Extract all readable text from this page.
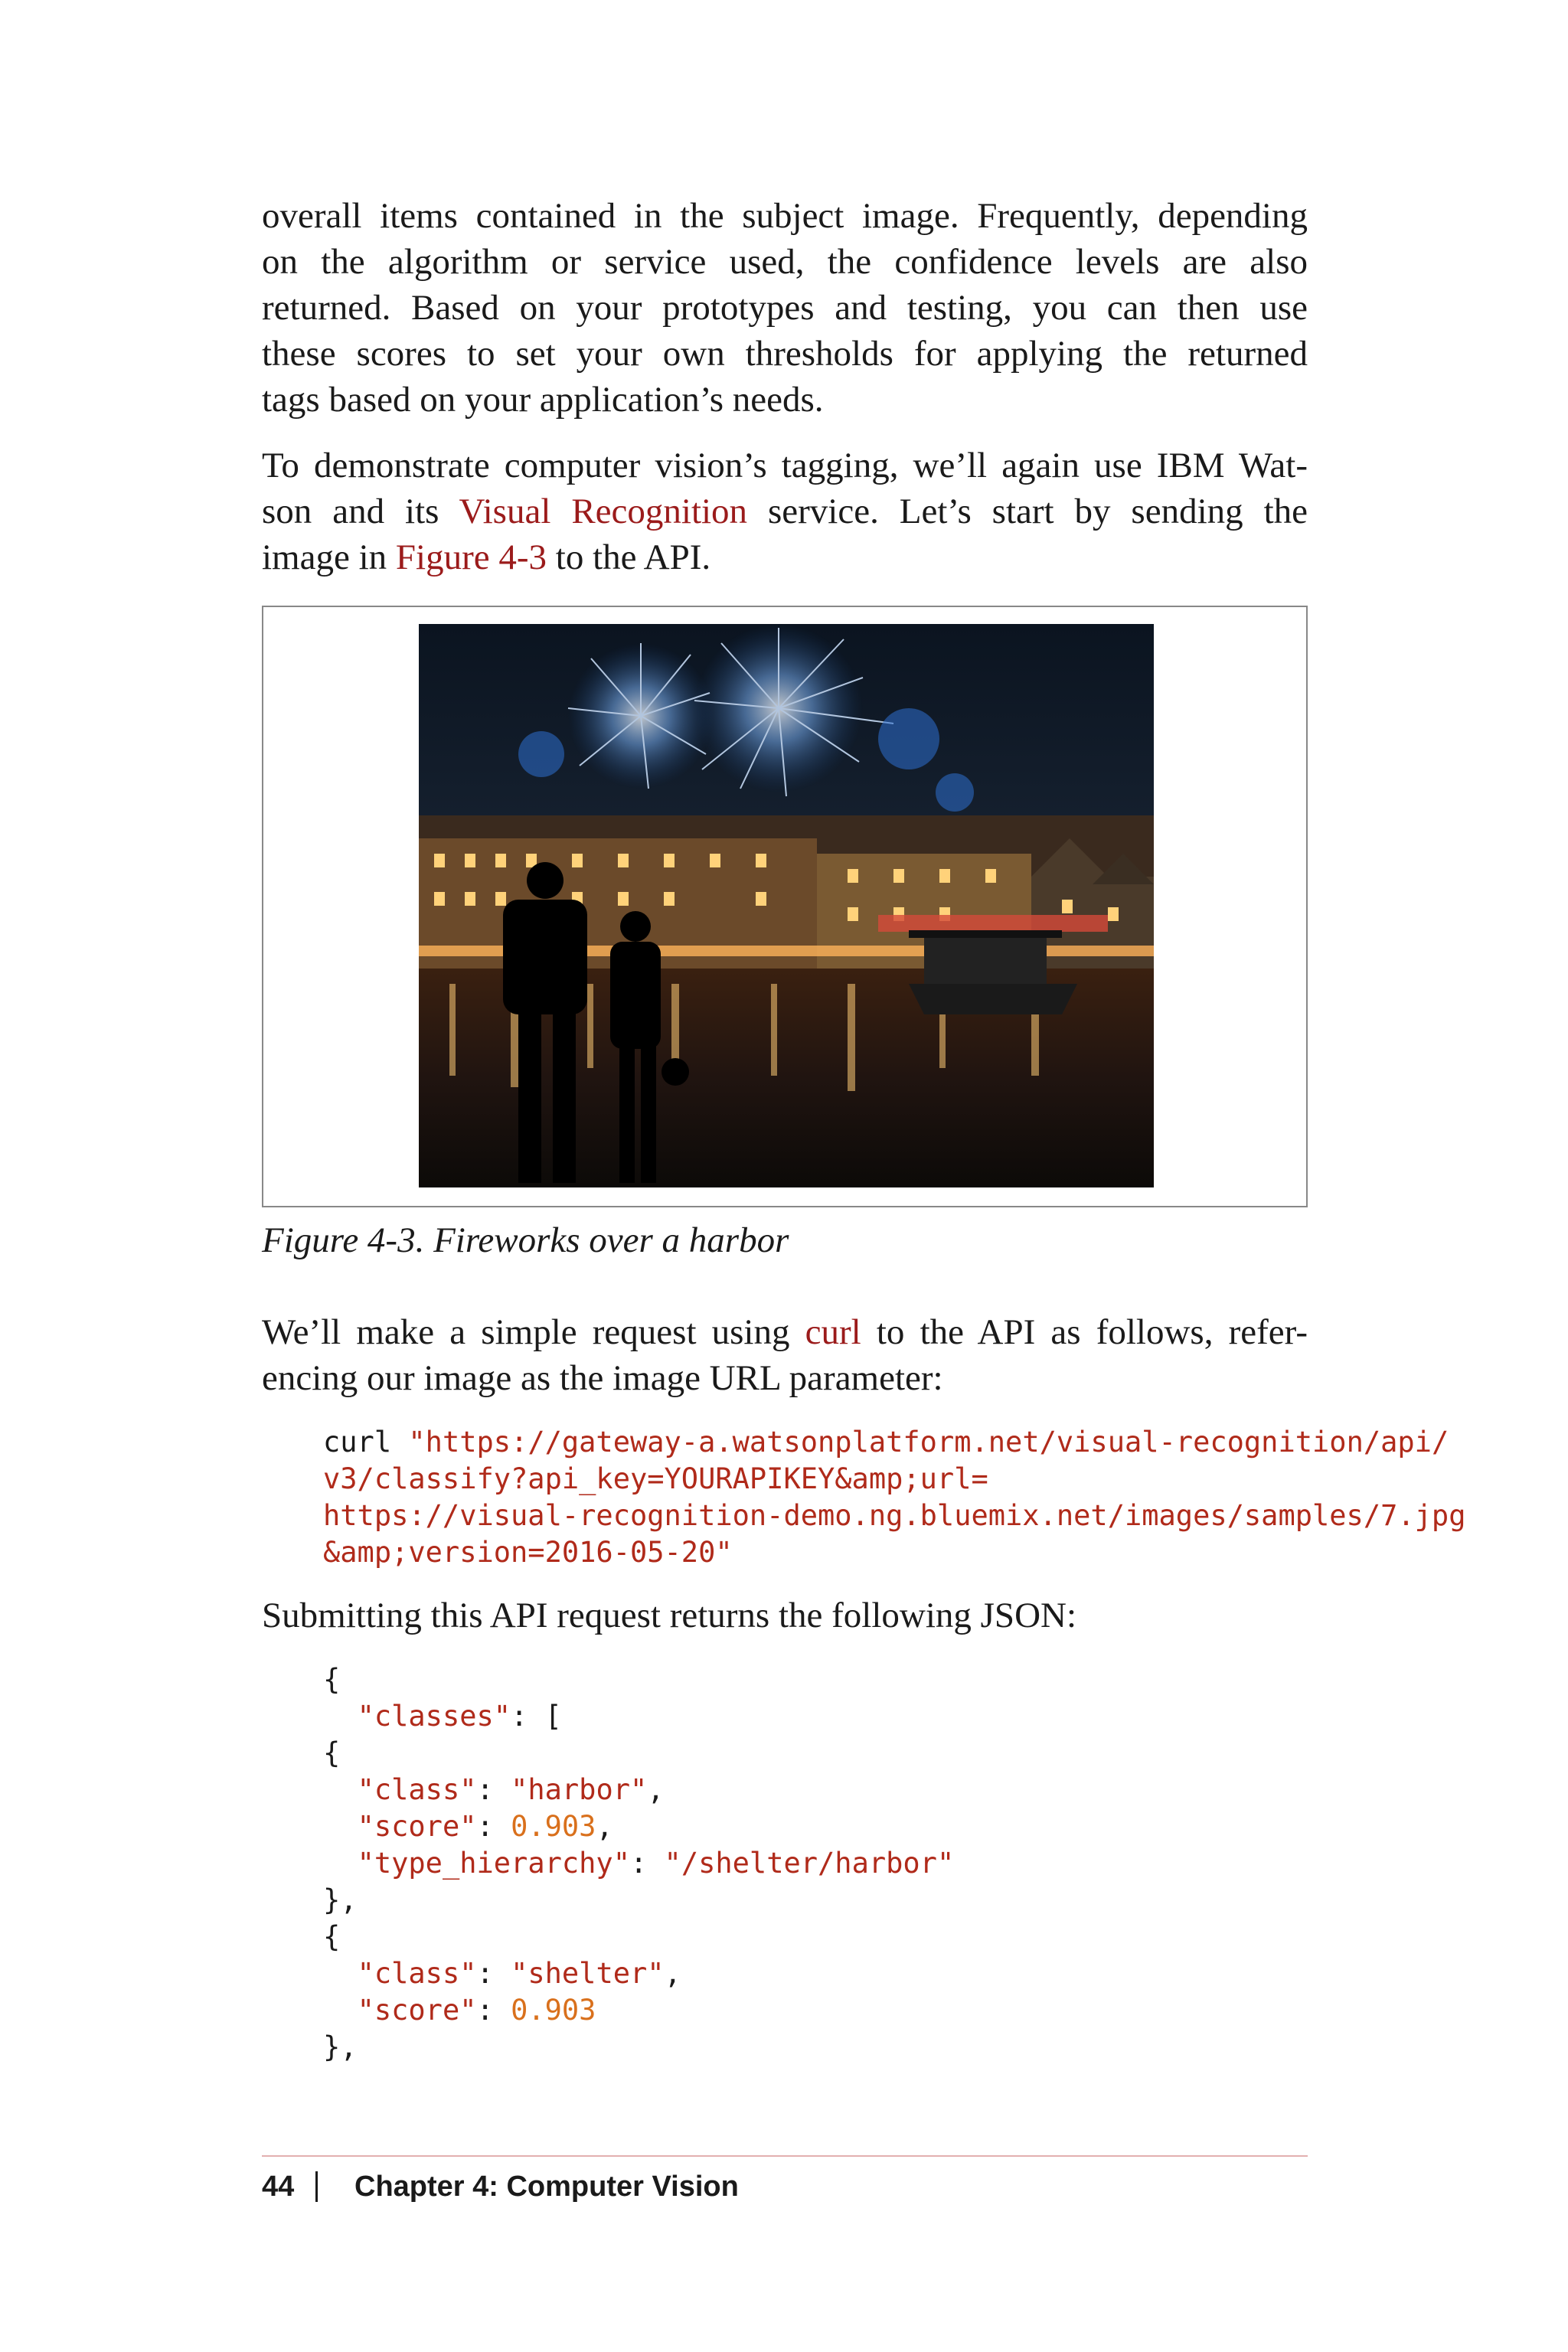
overall items contained in the subject image. Frequently, depending
on the algorithm or service used, the confidence levels are also
returned. Based on your prototypes and testing, you can then use
these scores to set your own thresholds for applying the returned
tags based on your application’s needs.

To demonstrate computer vision’s tagging, we’ll again use IBM Wat-
son and its Visual Recognition service. Let’s start by sending the
image in Figure 4-3 to the API.

Figure 4-3. Fireworks over a harbor

We’ll make a simple request using curl to the API as follows, refer-
encing our image as the image URL parameter:

curl "https://gateway-a.watsonplatform.net/visual-recognition/api/
v3/classify?api_key=YOURAPIKEY&amp;url=
https://visual-recognition-demo.ng.bluemix.net/images/samples/7.jpg
&amp;version=2016-05-20"

Submitting this API request returns the following JSON:

{
"classes": [
{
"class": "harbor",
"score": 0.903,
"type_hierarchy": "/shelter/harbor"
},
{
"class": "shelter",
"score": 0.903
},
44 Chapter 4: Computer Vision
